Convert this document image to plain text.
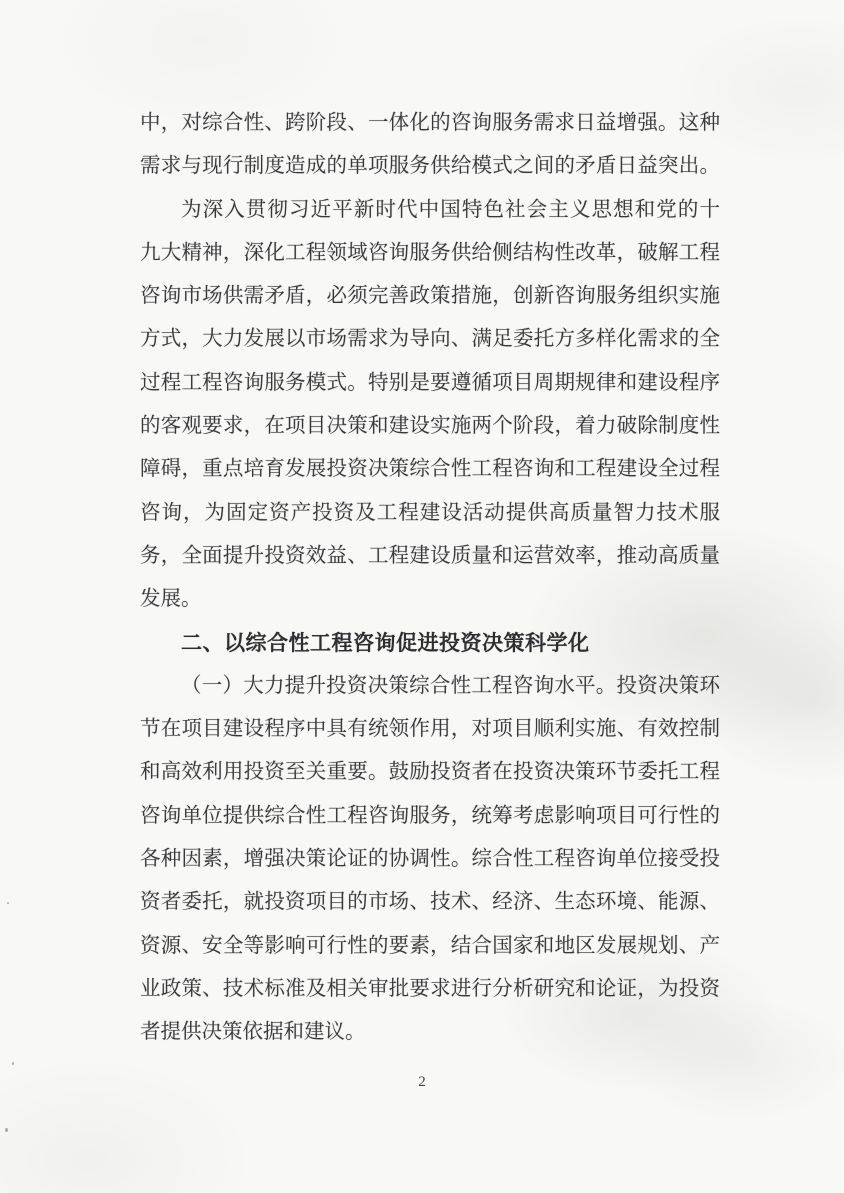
中，对综合性、跨阶段、一体化的咨询服务需求日益增强。这种
需求与现行制度造成的单项服务供给模式之间的矛盾日益突出。
为深入贯彻习近平新时代中国特色社会主义思想和党的十
九大精神，深化工程领域咨询服务供给侧结构性改革，破解工程
咨询市场供需矛盾，必须完善政策措施，创新咨询服务组织实施
方式，大力发展以市场需求为导向、满足委托方多样化需求的全
过程工程咨询服务模式。特别是要遵循项目周期规律和建设程序
的客观要求，在项目决策和建设实施两个阶段，着力破除制度性
障碍，重点培育发展投资决策综合性工程咨询和工程建设全过程
咨询，为固定资产投资及工程建设活动提供高质量智力技术服
务，全面提升投资效益、工程建设质量和运营效率，推动高质量
发展。
二、以综合性工程咨询促进投资决策科学化
（一）大力提升投资决策综合性工程咨询水平。投资决策环
节在项目建设程序中具有统领作用，对项目顺利实施、有效控制
和高效利用投资至关重要。鼓励投资者在投资决策环节委托工程
咨询单位提供综合性工程咨询服务，统筹考虑影响项目可行性的
各种因素，增强决策论证的协调性。综合性工程咨询单位接受投
资者委托，就投资项目的市场、技术、经济、生态环境、能源、
资源、安全等影响可行性的要素，结合国家和地区发展规划、产
业政策、技术标准及相关审批要求进行分析研究和论证，为投资
者提供决策依据和建议。
2
